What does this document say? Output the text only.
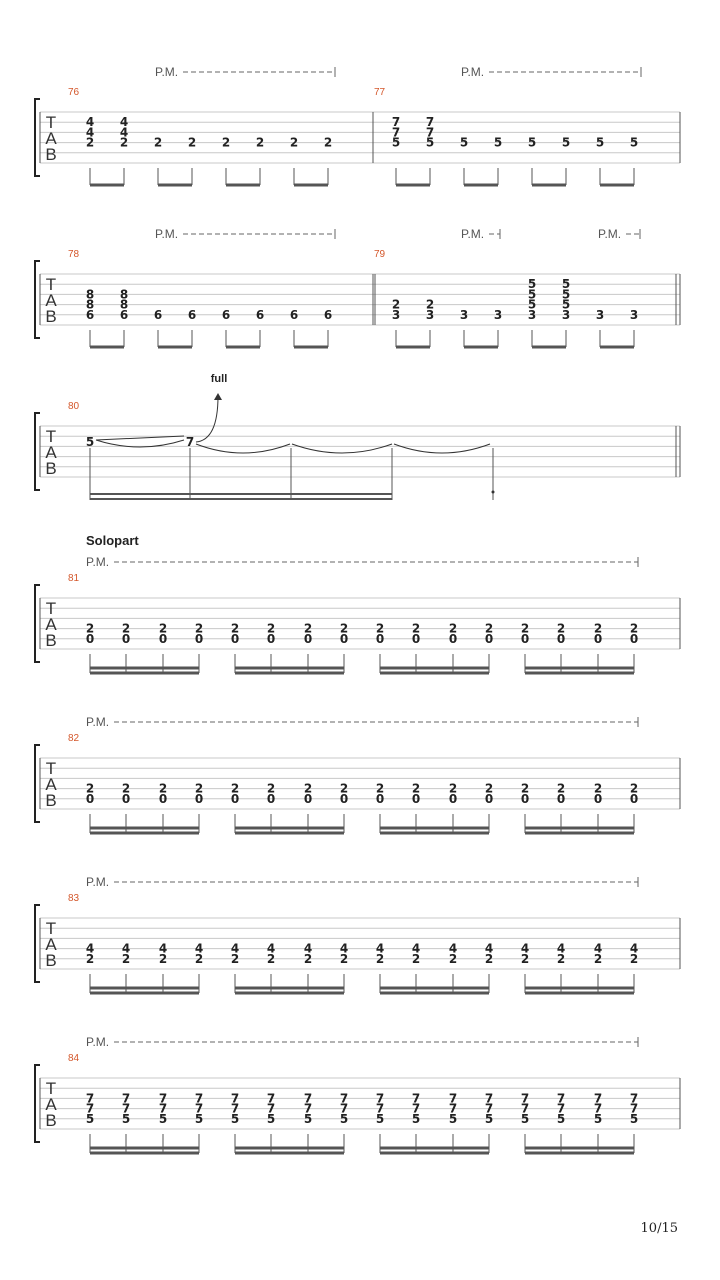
T
A
B
76
P.M.
4
4
2
4
4
2 2 2 2 2 2 2
77
P.M.
7
7
5
7
7
5 5 5 5 5 5 5
T
A
B
78
P.M.
8
8
6
8
8
6 6 6 6 6 6 6
79
P.M.	P.M.
2
3
2
3 3 3
5
5
5
3
5
5
5
3 3 3
T
A
B
80
5	7
full
T
A
B
Solopart
P.M.
81
2
0
2
0
2
0
2
0
2
0
2
0
2
0
2
0
2
0
2
0
2
0
2
0
2
0
2
0
2
0
2
0
T
A
B
P.M.
82
2
0
2
0
2
0
2
0
2
0
2
0
2
0
2
0
2
0
2
0
2
0
2
0
2
0
2
0
2
0
2
0
T
A
B
P.M.
83
4
2
4
2
4
2
4
2
4
2
4
2
4
2
4
2
4
2
4
2
4
2
4
2
4
2
4
2
4
2
4
2
T
A
B
P.M.
84
7
7
5
7
7
5
7
7
5
7
7
5
7
7
5
7
7
5
7
7
5
7
7
5
7
7
5
7
7
5
7
7
5
7
7
5
7
7
5
7
7
5
7
7
5
7
7
5
10/15
